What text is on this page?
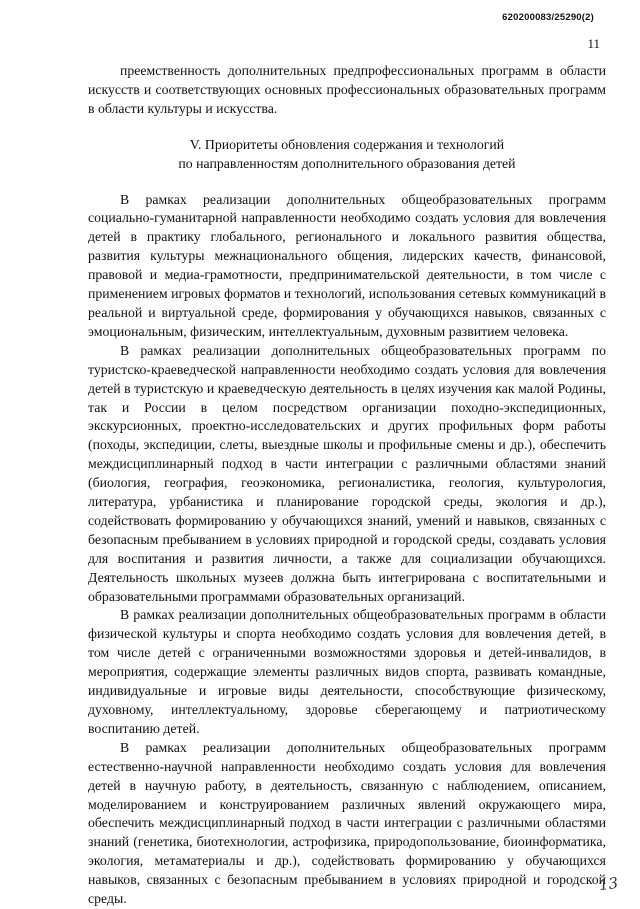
620200083/25290(2)
11

преемственность дополнительных предпрофессиональных программ в области искусств и соответствующих основных профессиональных образовательных программ в области культуры и искусства.

V. Приоритеты обновления содержания и технологий
по направленностям дополнительного образования детей

В рамках реализации дополнительных общеобразовательных программ социально-гуманитарной направленности необходимо создать условия для вовлечения детей в практику глобального, регионального и локального развития общества, развития культуры межнационального общения, лидерских качеств, финансовой, правовой и медиа-грамотности, предпринимательской деятельности, в том числе с применением игровых форматов и технологий, использования сетевых коммуникаций в реальной и виртуальной среде, формирования у обучающихся навыков, связанных с эмоциональным, физическим, интеллектуальным, духовным развитием человека.

В рамках реализации дополнительных общеобразовательных программ по туристско-краеведческой направленности необходимо создать условия для вовлечения детей в туристскую и краеведческую деятельность в целях изучения как малой Родины, так и России в целом посредством организации походно-экспедиционных, экскурсионных, проектно-исследовательских и других профильных форм работы (походы, экспедиции, слеты, выездные школы и профильные смены и др.), обеспечить междисциплинарный подход в части интеграции с различными областями знаний (биология, география, геоэкономика, регионалистика, геология, культурология, литература, урбанистика и планирование городской среды, экология и др.), содействовать формированию у обучающихся знаний, умений и навыков, связанных с безопасным пребыванием в условиях природной и городской среды, создавать условия для воспитания и развития личности, а также для социализации обучающихся. Деятельность школьных музеев должна быть интегрирована с воспитательными и образовательными программами образовательных организаций.

В рамках реализации дополнительных общеобразовательных программ в области физической культуры и спорта необходимо создать условия для вовлечения детей, в том числе детей с ограниченными возможностями здоровья и детей-инвалидов, в мероприятия, содержащие элементы различных видов спорта, развивать командные, индивидуальные и игровые виды деятельности, способствующие физическому, духовному, интеллектуальному, здоровье сберегающему и патриотическому воспитанию детей.

В рамках реализации дополнительных общеобразовательных программ естественно-научной направленности необходимо создать условия для вовлечения детей в научную работу, в деятельность, связанную с наблюдением, описанием, моделированием и конструированием различных явлений окружающего мира, обеспечить междисциплинарный подход в части интеграции с различными областями знаний (генетика, биотехнологии, астрофизика, природопользование, биоинформатика, экология, метаматериалы и др.), содействовать формированию у обучающихся навыков, связанных с безопасным пребыванием в условиях природной и городской среды.

13
